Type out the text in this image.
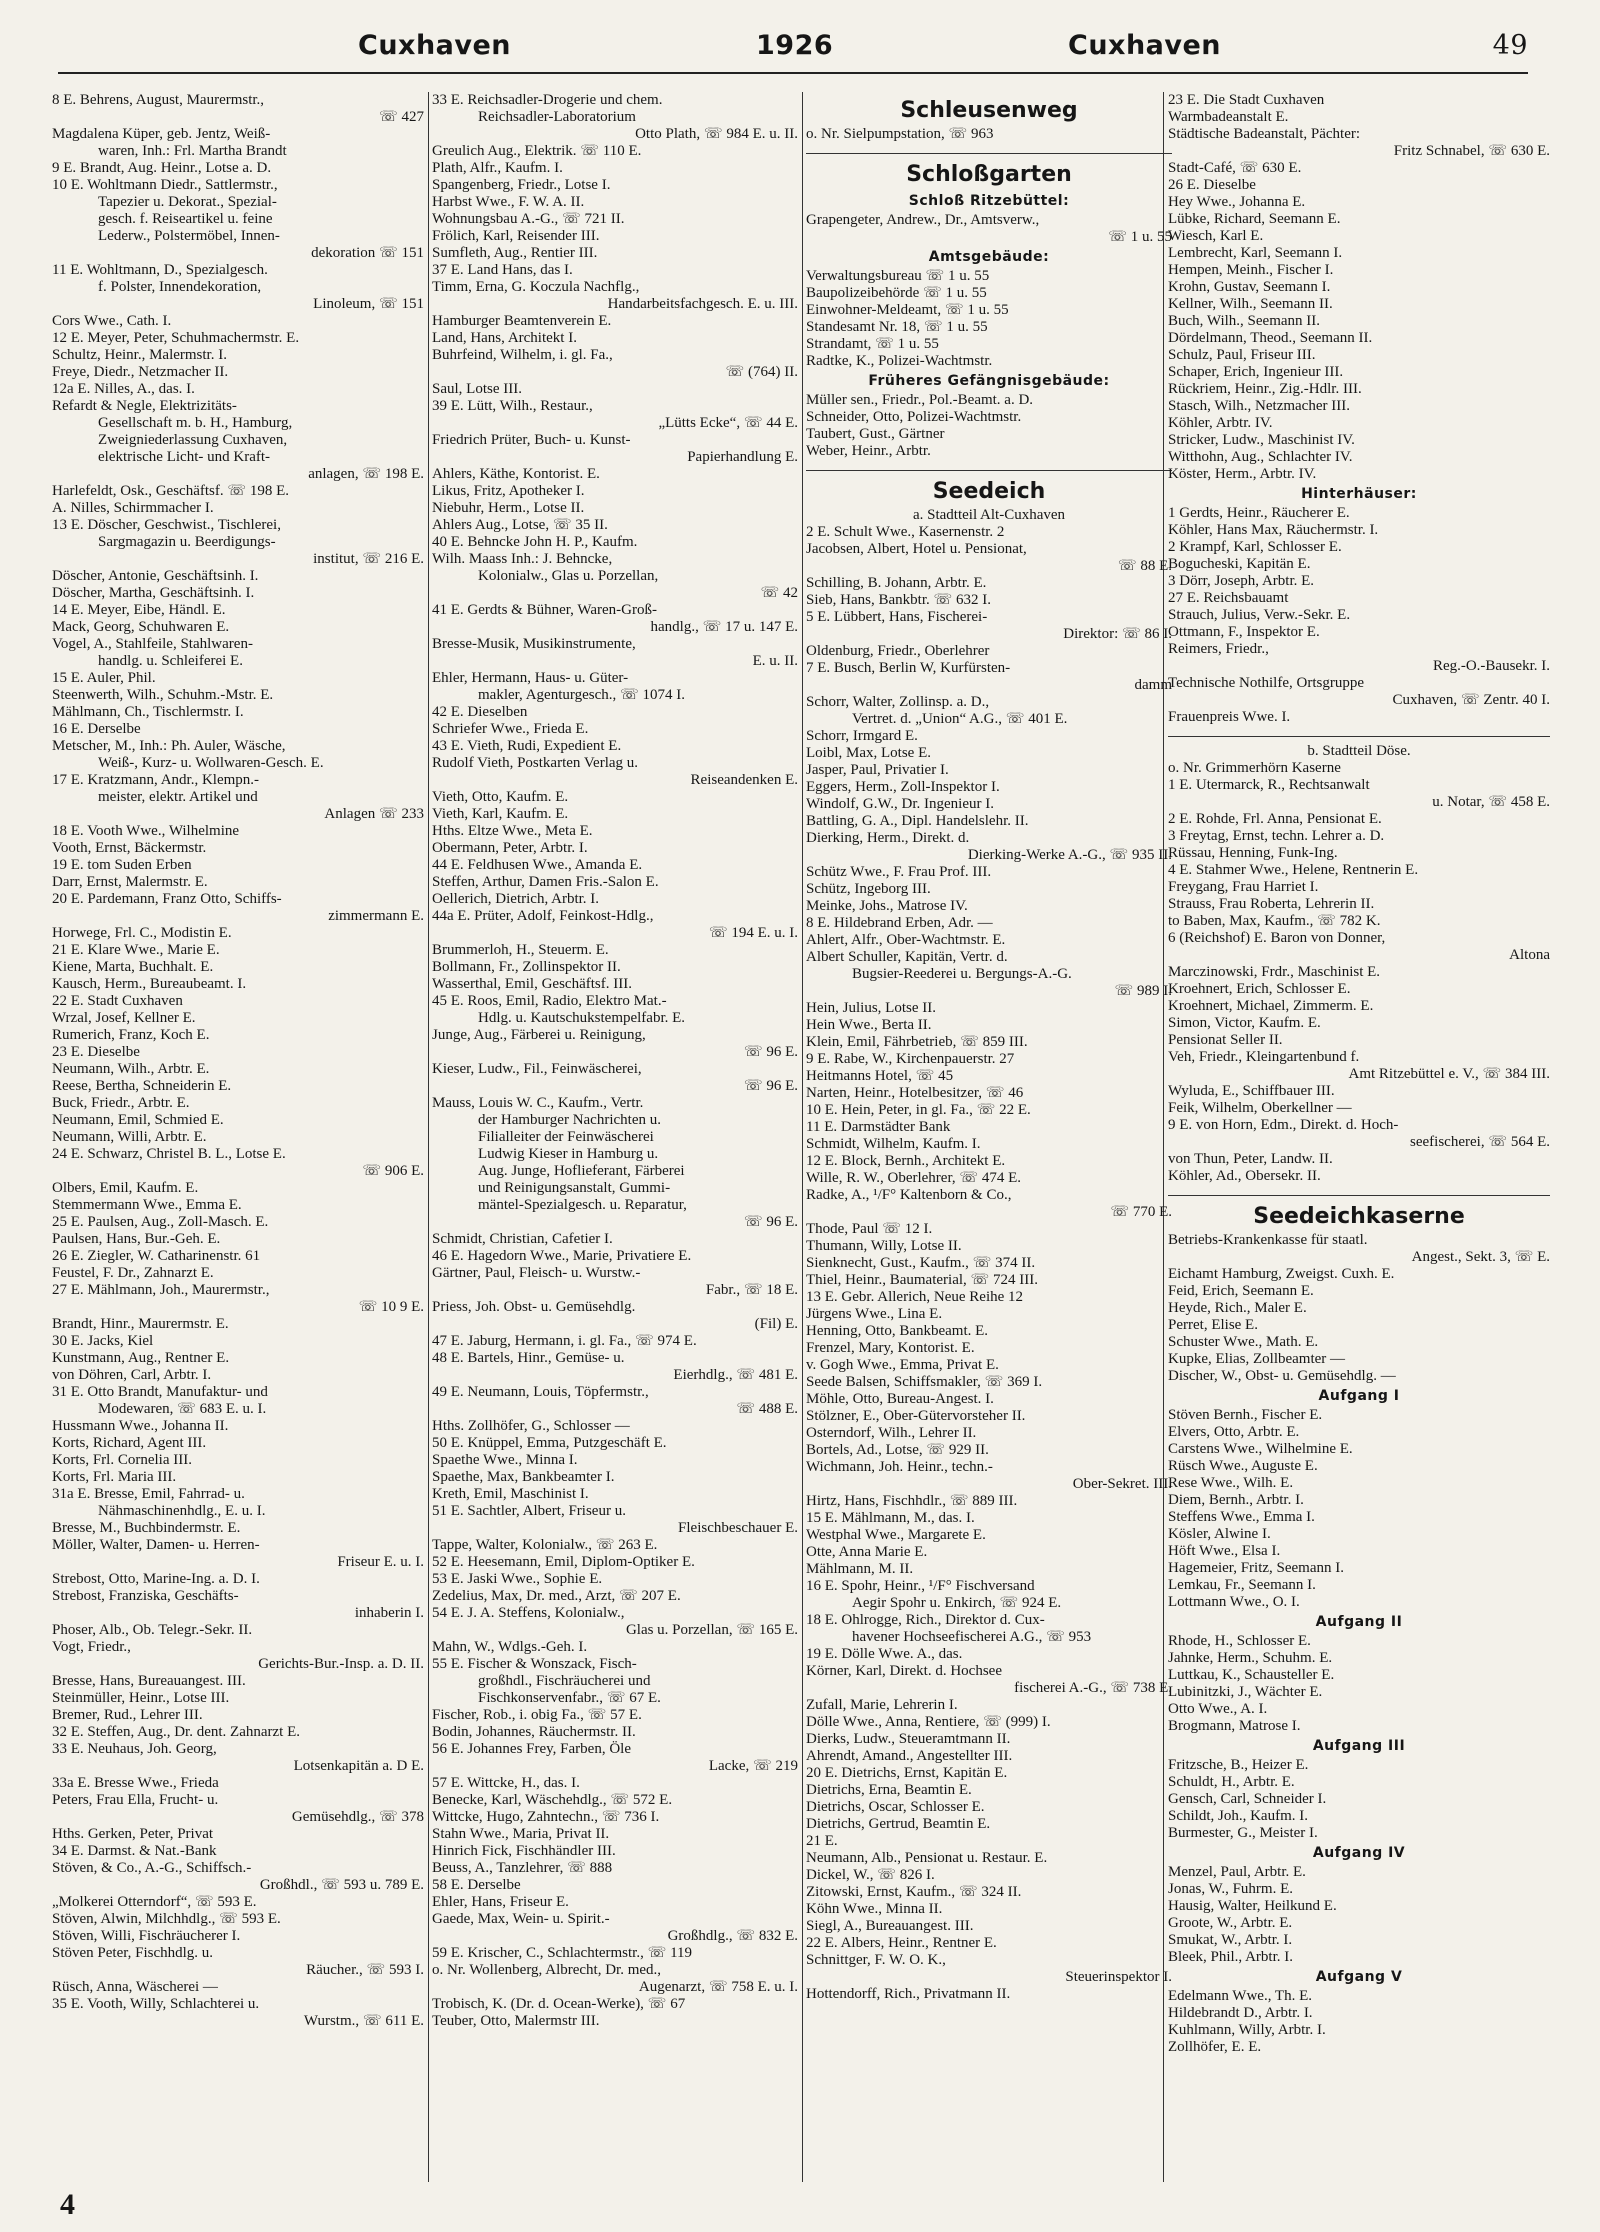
Cuxhaven	1926	Cuxhaven	49
8 E. Behrens, August, Maurermstr.,
☏ 427
Magdalena Küper, geb. Jentz, Weiß-
waren, Inh.: Frl. Martha Brandt
9 E. Brandt, Aug. Heinr., Lotse a. D.
10 E. Wohltmann Diedr., Sattlermstr.,
Tapezier u. Dekorat., Spezial-
gesch. f. Reiseartikel u. feine
Lederw., Polstermöbel, Innen-
dekoration ☏ 151
11 E. Wohltmann, D., Spezialgesch.
f. Polster, Innendekoration,
Linoleum, ☏ 151
Cors Wwe., Cath. I.
12 E. Meyer, Peter, Schuhmachermstr. E.
Schultz, Heinr., Malermstr. I.
Freye, Diedr., Netzmacher II.
12a E. Nilles, A., das. I.
Refardt & Negle, Elektrizitäts-
Gesellschaft m. b. H., Hamburg,
Zweigniederlassung Cuxhaven,
elektrische Licht- und Kraft-
anlagen, ☏ 198 E.
Harlefeldt, Osk., Geschäftsf. ☏ 198 E.
A. Nilles, Schirmmacher I.
13 E. Döscher, Geschwist., Tischlerei,
Sargmagazin u. Beerdigungs-
institut, ☏ 216 E.
Döscher, Antonie, Geschäftsinh. I.
Döscher, Martha, Geschäftsinh. I.
14 E. Meyer, Eibe, Händl. E.
Mack, Georg, Schuhwaren E.
Vogel, A., Stahlfeile, Stahlwaren-
handlg. u. Schleiferei E.
15 E. Auler, Phil.
Steenwerth, Wilh., Schuhm.-Mstr. E.
Mählmann, Ch., Tischlermstr. I.
16 E. Derselbe
Metscher, M., Inh.: Ph. Auler, Wäsche,
Weiß-, Kurz- u. Wollwaren-Gesch. E.
17 E. Kratzmann, Andr., Klempn.-
meister, elektr. Artikel und
Anlagen ☏ 233
18 E. Vooth Wwe., Wilhelmine
Vooth, Ernst, Bäckermstr.
19 E. tom Suden Erben
Darr, Ernst, Malermstr. E.
20 E. Pardemann, Franz Otto, Schiffs-
zimmermann E.
Horwege, Frl. C., Modistin E.
21 E. Klare Wwe., Marie E.
Kiene, Marta, Buchhalt. E.
Kausch, Herm., Bureaubeamt. I.
22 E. Stadt Cuxhaven
Wrzal, Josef, Kellner E.
Rumerich, Franz, Koch E.
23 E. Dieselbe
Neumann, Wilh., Arbtr. E.
Reese, Bertha, Schneiderin E.
Buck, Friedr., Arbtr. E.
Neumann, Emil, Schmied E.
Neumann, Willi, Arbtr. E.
24 E. Schwarz, Christel B. L., Lotse E.
☏ 906 E.
Olbers, Emil, Kaufm. E.
Stemmermann Wwe., Emma E.
25 E. Paulsen, Aug., Zoll-Masch. E.
Paulsen, Hans, Bur.-Geh. E.
26 E. Ziegler, W. Catharinenstr. 61
Feustel, F. Dr., Zahnarzt E.
27 E. Mählmann, Joh., Maurermstr.,
☏ 10 9 E.
Brandt, Hinr., Maurermstr. E.
30 E. Jacks, Kiel
Kunstmann, Aug., Rentner E.
von Döhren, Carl, Arbtr. I.
31 E. Otto Brandt, Manufaktur- und
Modewaren, ☏ 683 E. u. I.
Hussmann Wwe., Johanna II.
Korts, Richard, Agent III.
Korts, Frl. Cornelia III.
Korts, Frl. Maria III.
31a E. Bresse, Emil, Fahrrad- u.
Nähmaschinenhdlg., E. u. I.
Bresse, M., Buchbindermstr. E.
Möller, Walter, Damen- u. Herren-
Friseur E. u. I.
Strebost, Otto, Marine-Ing. a. D. I.
Strebost, Franziska, Geschäfts-
inhaberin I.
Phoser, Alb., Ob. Telegr.-Sekr. II.
Vogt, Friedr.,
Gerichts-Bur.-Insp. a. D. II.
Bresse, Hans, Bureauangest. III.
Steinmüller, Heinr., Lotse III.
Bremer, Rud., Lehrer III.
32 E. Steffen, Aug., Dr. dent. Zahnarzt E.
33 E. Neuhaus, Joh. Georg,
Lotsenkapitän a. D E.
33a E. Bresse Wwe., Frieda
Peters, Frau Ella, Frucht- u.
Gemüsehdlg., ☏ 378
Hths. Gerken, Peter, Privat
34 E. Darmst. & Nat.-Bank
Stöven, & Co., A.-G., Schiffsch.-
Großhdl., ☏ 593 u. 789 E.
„Molkerei Otterndorf“, ☏ 593 E.
Stöven, Alwin, Milchhdlg., ☏ 593 E.
Stöven, Willi, Fischräucherer I.
Stöven Peter, Fischhdlg. u.
Räucher., ☏ 593 I.
Rüsch, Anna, Wäscherei —
35 E. Vooth, Willy, Schlachterei u.
Wurstm., ☏ 611 E.
33 E. Reichsadler-Drogerie und chem.
Reichsadler-Laboratorium
Otto Plath, ☏ 984 E. u. II.
Greulich Aug., Elektrik. ☏ 110 E.
Plath, Alfr., Kaufm. I.
Spangenberg, Friedr., Lotse I.
Harbst Wwe., F. W. A. II.
Wohnungsbau A.-G., ☏ 721 II.
Frölich, Karl, Reisender III.
Sumfleth, Aug., Rentier III.
37 E. Land Hans, das I.
Timm, Erna, G. Koczula Nachflg.,
Handarbeitsfachgesch. E. u. III.
Hamburger Beamtenverein E.
Land, Hans, Architekt I.
Buhrfeind, Wilhelm, i. gl. Fa.,
☏ (764) II.
Saul, Lotse III.
39 E. Lütt, Wilh., Restaur.,
„Lütts Ecke“, ☏ 44 E.
Friedrich Prüter, Buch- u. Kunst-
Papierhandlung E.
Ahlers, Käthe, Kontorist. E.
Likus, Fritz, Apotheker I.
Niebuhr, Herm., Lotse II.
Ahlers Aug., Lotse, ☏ 35 II.
40 E. Behncke John H. P., Kaufm.
Wilh. Maass Inh.: J. Behncke,
Kolonialw., Glas u. Porzellan,
☏ 42
41 E. Gerdts & Bühner, Waren-Groß-
handlg., ☏ 17 u. 147 E.
Bresse-Musik, Musikinstrumente,
E. u. II.
Ehler, Hermann, Haus- u. Güter-
makler, Agenturgesch., ☏ 1074 I.
42 E. Dieselben
Schriefer Wwe., Frieda E.
43 E. Vieth, Rudi, Expedient E.
Rudolf Vieth, Postkarten Verlag u.
Reiseandenken E.
Vieth, Otto, Kaufm. E.
Vieth, Karl, Kaufm. E.
Hths. Eltze Wwe., Meta E.
Obermann, Peter, Arbtr. I.
44 E. Feldhusen Wwe., Amanda E.
Steffen, Arthur, Damen Fris.-Salon E.
Oellerich, Dietrich, Arbtr. I.
44a E. Prüter, Adolf, Feinkost-Hdlg.,
☏ 194 E. u. I.
Brummerloh, H., Steuerm. E.
Bollmann, Fr., Zollinspektor II.
Wasserthal, Emil, Geschäftsf. III.
45 E. Roos, Emil, Radio, Elektro Mat.-
Hdlg. u. Kautschukstempelfabr. E.
Junge, Aug., Färberei u. Reinigung,
☏ 96 E.
Kieser, Ludw., Fil., Feinwäscherei,
☏ 96 E.
Mauss, Louis W. C., Kaufm., Vertr.
der Hamburger Nachrichten u.
Filialleiter der Feinwäscherei
Ludwig Kieser in Hamburg u.
Aug. Junge, Hoflieferant, Färberei
und Reinigungsanstalt, Gummi-
mäntel-Spezialgesch. u. Reparatur,
☏ 96 E.
Schmidt, Christian, Cafetier I.
46 E. Hagedorn Wwe., Marie, Privatiere E.
Gärtner, Paul, Fleisch- u. Wurstw.-
Fabr., ☏ 18 E.
Priess, Joh. Obst- u. Gemüsehdlg.
(Fil) E.
47 E. Jaburg, Hermann, i. gl. Fa., ☏ 974 E.
48 E. Bartels, Hinr., Gemüse- u.
Eierhdlg., ☏ 481 E.
49 E. Neumann, Louis, Töpfermstr.,
☏ 488 E.
Hths. Zollhöfer, G., Schlosser —
50 E. Knüppel, Emma, Putzgeschäft E.
Spaethe Wwe., Minna I.
Spaethe, Max, Bankbeamter I.
Kreth, Emil, Maschinist I.
51 E. Sachtler, Albert, Friseur u.
Fleischbeschauer E.
Tappe, Walter, Kolonialw., ☏ 263 E.
52 E. Heesemann, Emil, Diplom-Optiker E.
53 E. Jaski Wwe., Sophie E.
Zedelius, Max, Dr. med., Arzt, ☏ 207 E.
54 E. J. A. Steffens, Kolonialw.,
Glas u. Porzellan, ☏ 165 E.
Mahn, W., Wdlgs.-Geh. I.
55 E. Fischer & Wonszack, Fisch-
großhdl., Fischräucherei und
Fischkonservenfabr., ☏ 67 E.
Fischer, Rob., i. obig Fa., ☏ 57 E.
Bodin, Johannes, Räuchermstr. II.
56 E. Johannes Frey, Farben, Öle
Lacke, ☏ 219
57 E. Wittcke, H., das. I.
Benecke, Karl, Wäschehdlg., ☏ 572 E.
Wittcke, Hugo, Zahntechn., ☏ 736 I.
Stahn Wwe., Maria, Privat II.
Hinrich Fick, Fischhändler III.
Beuss, A., Tanzlehrer, ☏ 888
58 E. Derselbe
Ehler, Hans, Friseur E.
Gaede, Max, Wein- u. Spirit.-
Großhdlg., ☏ 832 E.
59 E. Krischer, C., Schlachtermstr., ☏ 119
o. Nr. Wollenberg, Albrecht, Dr. med.,
Augenarzt, ☏ 758 E. u. I.
Trobisch, K. (Dr. d. Ocean-Werke), ☏ 67
Teuber, Otto, Malermstr III.
Schleusenweg
o. Nr. Sielpumpstation, ☏ 963
Schloßgarten
Schloß Ritzebüttel:
Grapengeter, Andrew., Dr., Amtsverw.,
☏ 1 u. 55
Amtsgebäude:
Verwaltungsbureau ☏ 1 u. 55
Baupolizeibehörde ☏ 1 u. 55
Einwohner-Meldeamt, ☏ 1 u. 55
Standesamt Nr. 18, ☏ 1 u. 55
Strandamt, ☏ 1 u. 55
Radtke, K., Polizei-Wachtmstr.
Früheres Gefängnisgebäude:
Müller sen., Friedr., Pol.-Beamt. a. D.
Schneider, Otto, Polizei-Wachtmstr.
Taubert, Gust., Gärtner
Weber, Heinr., Arbtr.
Seedeich
a. Stadtteil Alt-Cuxhaven
2 E. Schult Wwe., Kasernenstr. 2
Jacobsen, Albert, Hotel u. Pensionat,
☏ 88 E.
Schilling, B. Johann, Arbtr. E.
Sieb, Hans, Bankbtr. ☏ 632 I.
5 E. Lübbert, Hans, Fischerei-
Direktor: ☏ 86 I.
Oldenburg, Friedr., Oberlehrer
7 E. Busch, Berlin W, Kurfürsten-
damm
Schorr, Walter, Zollinsp. a. D.,
Vertret. d. „Union“ A.G., ☏ 401 E.
Schorr, Irmgard E.
Loibl, Max, Lotse E.
Jasper, Paul, Privatier I.
Eggers, Herm., Zoll-Inspektor I.
Windolf, G.W., Dr. Ingenieur I.
Battling, G. A., Dipl. Handelslehr. II.
Dierking, Herm., Direkt. d.
Dierking-Werke A.-G., ☏ 935 II.
Schütz Wwe., F. Frau Prof. III.
Schütz, Ingeborg III.
Meinke, Johs., Matrose IV.
8 E. Hildebrand Erben, Adr. —
Ahlert, Alfr., Ober-Wachtmstr. E.
Albert Schuller, Kapitän, Vertr. d.
Bugsier-Reederei u. Bergungs-A.-G.
☏ 989 I.
Hein, Julius, Lotse II.
Hein Wwe., Berta II.
Klein, Emil, Fährbetrieb, ☏ 859 III.
9 E. Rabe, W., Kirchenpauerstr. 27
Heitmanns Hotel, ☏ 45
Narten, Heinr., Hotelbesitzer, ☏ 46
10 E. Hein, Peter, in gl. Fa., ☏ 22 E.
11 E. Darmstädter Bank
Schmidt, Wilhelm, Kaufm. I.
12 E. Block, Bernh., Architekt E.
Wille, R. W., Oberlehrer, ☏ 474 E.
Radke, A., ¹/F° Kaltenborn & Co.,
☏ 770 E.
Thode, Paul ☏ 12 I.
Thumann, Willy, Lotse II.
Sienknecht, Gust., Kaufm., ☏ 374 II.
Thiel, Heinr., Baumaterial, ☏ 724 III.
13 E. Gebr. Allerich, Neue Reihe 12
Jürgens Wwe., Lina E.
Henning, Otto, Bankbeamt. E.
Frenzel, Mary, Kontorist. E.
v. Gogh Wwe., Emma, Privat E.
Seede Balsen, Schiffsmakler, ☏ 369 I.
Möhle, Otto, Bureau-Angest. I.
Stölzner, E., Ober-Gütervorsteher II.
Osterndorf, Wilh., Lehrer II.
Bortels, Ad., Lotse, ☏ 929 II.
Wichmann, Joh. Heinr., techn.-
Ober-Sekret. III.
Hirtz, Hans, Fischhdlr., ☏ 889 III.
15 E. Mählmann, M., das. I.
Westphal Wwe., Margarete E.
Otte, Anna Marie E.
Mählmann, M. II.
16 E. Spohr, Heinr., ¹/F° Fischversand
Aegir Spohr u. Enkirch, ☏ 924 E.
18 E. Ohlrogge, Rich., Direktor d. Cux-
havener Hochseefischerei A.G., ☏ 953
19 E. Dölle Wwe. A., das.
Körner, Karl, Direkt. d. Hochsee
fischerei A.-G., ☏ 738 E.
Zufall, Marie, Lehrerin I.
Dölle Wwe., Anna, Rentiere, ☏ (999) I.
Dierks, Ludw., Steueramtmann II.
Ahrendt, Amand., Angestellter III.
20 E. Dietrichs, Ernst, Kapitän E.
Dietrichs, Erna, Beamtin E.
Dietrichs, Oscar, Schlosser E.
Dietrichs, Gertrud, Beamtin E.
21 E.
Neumann, Alb., Pensionat u. Restaur. E.
Dickel, W., ☏ 826 I.
Zitowski, Ernst, Kaufm., ☏ 324 II.
Köhn Wwe., Minna II.
Siegl, A., Bureauangest. III.
22 E. Albers, Heinr., Rentner E.
Schnittger, F. W. O. K.,
Steuerinspektor I.
Hottendorff, Rich., Privatmann II.
23 E. Die Stadt Cuxhaven
Warmbadeanstalt E.
Städtische Badeanstalt, Pächter:
Fritz Schnabel, ☏ 630 E.
Stadt-Café, ☏ 630 E.
26 E. Dieselbe
Hey Wwe., Johanna E.
Lübke, Richard, Seemann E.
Wiesch, Karl E.
Lembrecht, Karl, Seemann I.
Hempen, Meinh., Fischer I.
Krohn, Gustav, Seemann I.
Kellner, Wilh., Seemann II.
Buch, Wilh., Seemann II.
Dördelmann, Theod., Seemann II.
Schulz, Paul, Friseur III.
Schaper, Erich, Ingenieur III.
Rückriem, Heinr., Zig.-Hdlr. III.
Stasch, Wilh., Netzmacher III.
Köhler, Arbtr. IV.
Stricker, Ludw., Maschinist IV.
Witthohn, Aug., Schlachter IV.
Köster, Herm., Arbtr. IV.
Hinterhäuser:
1 Gerdts, Heinr., Räucherer E.
Köhler, Hans Max, Räuchermstr. I.
2 Krampf, Karl, Schlosser E.
Bogucheski, Kapitän E.
3 Dörr, Joseph, Arbtr. E.
27 E. Reichsbauamt
Strauch, Julius, Verw.-Sekr. E.
Ottmann, F., Inspektor E.
Reimers, Friedr.,
Reg.-O.-Bausekr. I.
Technische Nothilfe, Ortsgruppe
Cuxhaven, ☏ Zentr. 40 I.
Frauenpreis Wwe. I.
b. Stadtteil Döse.
o. Nr. Grimmerhörn Kaserne
1 E. Utermarck, R., Rechtsanwalt
u. Notar, ☏ 458 E.
2 E. Rohde, Frl. Anna, Pensionat E.
3 Freytag, Ernst, techn. Lehrer a. D.
Rüssau, Henning, Funk-Ing.
4 E. Stahmer Wwe., Helene, Rentnerin E.
Freygang, Frau Harriet I.
Strauss, Frau Roberta, Lehrerin II.
to Baben, Max, Kaufm., ☏ 782 K.
6 (Reichshof) E. Baron von Donner,
Altona
Marczinowski, Frdr., Maschinist E.
Kroehnert, Erich, Schlosser E.
Kroehnert, Michael, Zimmerm. E.
Simon, Victor, Kaufm. E.
Pensionat Seller II.
Veh, Friedr., Kleingartenbund f.
Amt Ritzebüttel e. V., ☏ 384 III.
Wyluda, E., Schiffbauer III.
Feik, Wilhelm, Oberkellner —
9 E. von Horn, Edm., Direkt. d. Hoch-
seefischerei, ☏ 564 E.
von Thun, Peter, Landw. II.
Köhler, Ad., Obersekr. II.
Seedeichkaserne
Betriebs-Krankenkasse für staatl.
Angest., Sekt. 3, ☏ E.
Eichamt Hamburg, Zweigst. Cuxh. E.
Feid, Erich, Seemann E.
Heyde, Rich., Maler E.
Perret, Elise E.
Schuster Wwe., Math. E.
Kupke, Elias, Zollbeamter —
Discher, W., Obst- u. Gemüsehdlg. —
Aufgang I
Stöven Bernh., Fischer E.
Elvers, Otto, Arbtr. E.
Carstens Wwe., Wilhelmine E.
Rüsch Wwe., Auguste E.
Rese Wwe., Wilh. E.
Diem, Bernh., Arbtr. I.
Steffens Wwe., Emma I.
Kösler, Alwine I.
Höft Wwe., Elsa I.
Hagemeier, Fritz, Seemann I.
Lemkau, Fr., Seemann I.
Lottmann Wwe., O. I.
Aufgang II
Rhode, H., Schlosser E.
Jahnke, Herm., Schuhm. E.
Luttkau, K., Schausteller E.
Lubinitzki, J., Wächter E.
Otto Wwe., A. I.
Brogmann, Matrose I.
Aufgang III
Fritzsche, B., Heizer E.
Schuldt, H., Arbtr. E.
Gensch, Carl, Schneider I.
Schildt, Joh., Kaufm. I.
Burmester, G., Meister I.
Aufgang IV
Menzel, Paul, Arbtr. E.
Jonas, W., Fuhrm. E.
Hausig, Walter, Heilkund E.
Groote, W., Arbtr. E.
Smukat, W., Arbtr. I.
Bleek, Phil., Arbtr. I.
Aufgang V
Edelmann Wwe., Th. E.
Hildebrandt D., Arbtr. I.
Kuhlmann, Willy, Arbtr. I.
Zollhöfer, E. E.
4
